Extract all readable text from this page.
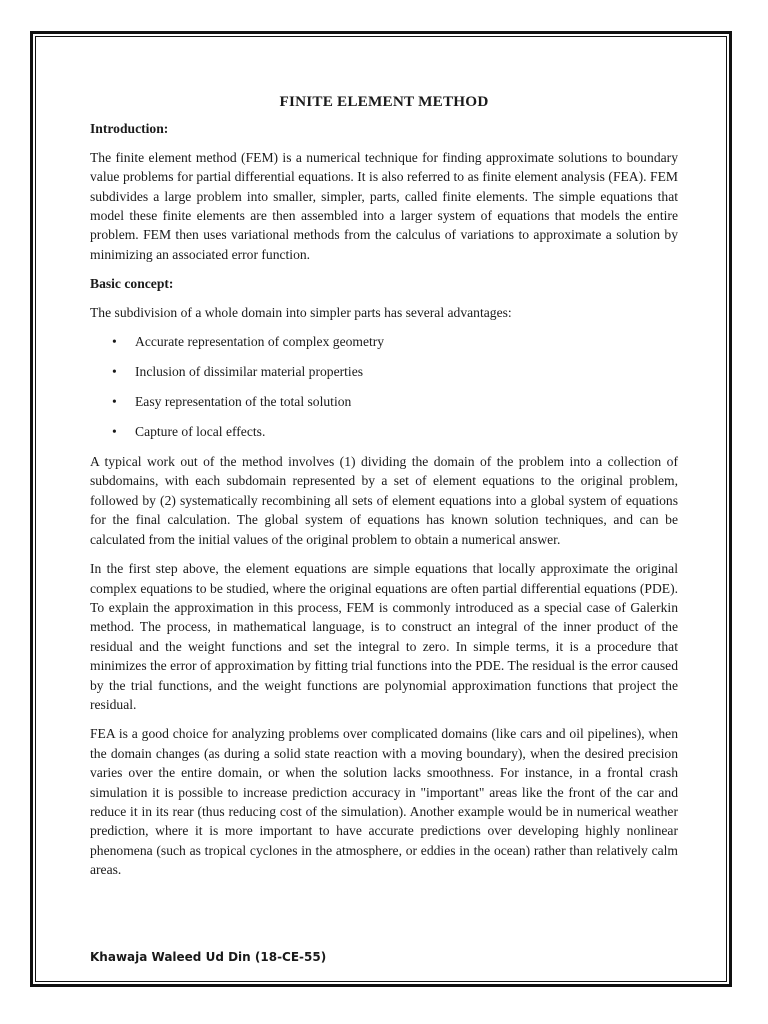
FINITE ELEMENT METHOD
Introduction:

The finite element method (FEM) is a numerical technique for finding approximate solutions to boundary value problems for partial differential equations. It is also referred to as finite element analysis (FEA). FEM subdivides a large problem into smaller, simpler, parts, called finite elements. The simple equations that model these finite elements are then assembled into a larger system of equations that models the entire problem. FEM then uses variational methods from the calculus of variations to approximate a solution by minimizing an associated error function.

Basic concept:

The subdivision of a whole domain into simpler parts has several advantages:

• Accurate representation of complex geometry
• Inclusion of dissimilar material properties
• Easy representation of the total solution
• Capture of local effects.

A typical work out of the method involves (1) dividing the domain of the problem into a collection of subdomains, with each subdomain represented by a set of element equations to the original problem, followed by (2) systematically recombining all sets of element equations into a global system of equations for the final calculation. The global system of equations has known solution techniques, and can be calculated from the initial values of the original problem to obtain a numerical answer.

In the first step above, the element equations are simple equations that locally approximate the original complex equations to be studied, where the original equations are often partial differential equations (PDE). To explain the approximation in this process, FEM is commonly introduced as a special case of Galerkin method. The process, in mathematical language, is to construct an integral of the inner product of the residual and the weight functions and set the integral to zero. In simple terms, it is a procedure that minimizes the error of approximation by fitting trial functions into the PDE. The residual is the error caused by the trial functions, and the weight functions are polynomial approximation functions that project the residual.

FEA is a good choice for analyzing problems over complicated domains (like cars and oil pipelines), when the domain changes (as during a solid state reaction with a moving boundary), when the desired precision varies over the entire domain, or when the solution lacks smoothness. For instance, in a frontal crash simulation it is possible to increase prediction accuracy in "important" areas like the front of the car and reduce it in its rear (thus reducing cost of the simulation). Another example would be in numerical weather prediction, where it is more important to have accurate predictions over developing highly nonlinear phenomena (such as tropical cyclones in the atmosphere, or eddies in the ocean) rather than relatively calm areas.

Khawaja Waleed Ud Din (18-CE-55)
